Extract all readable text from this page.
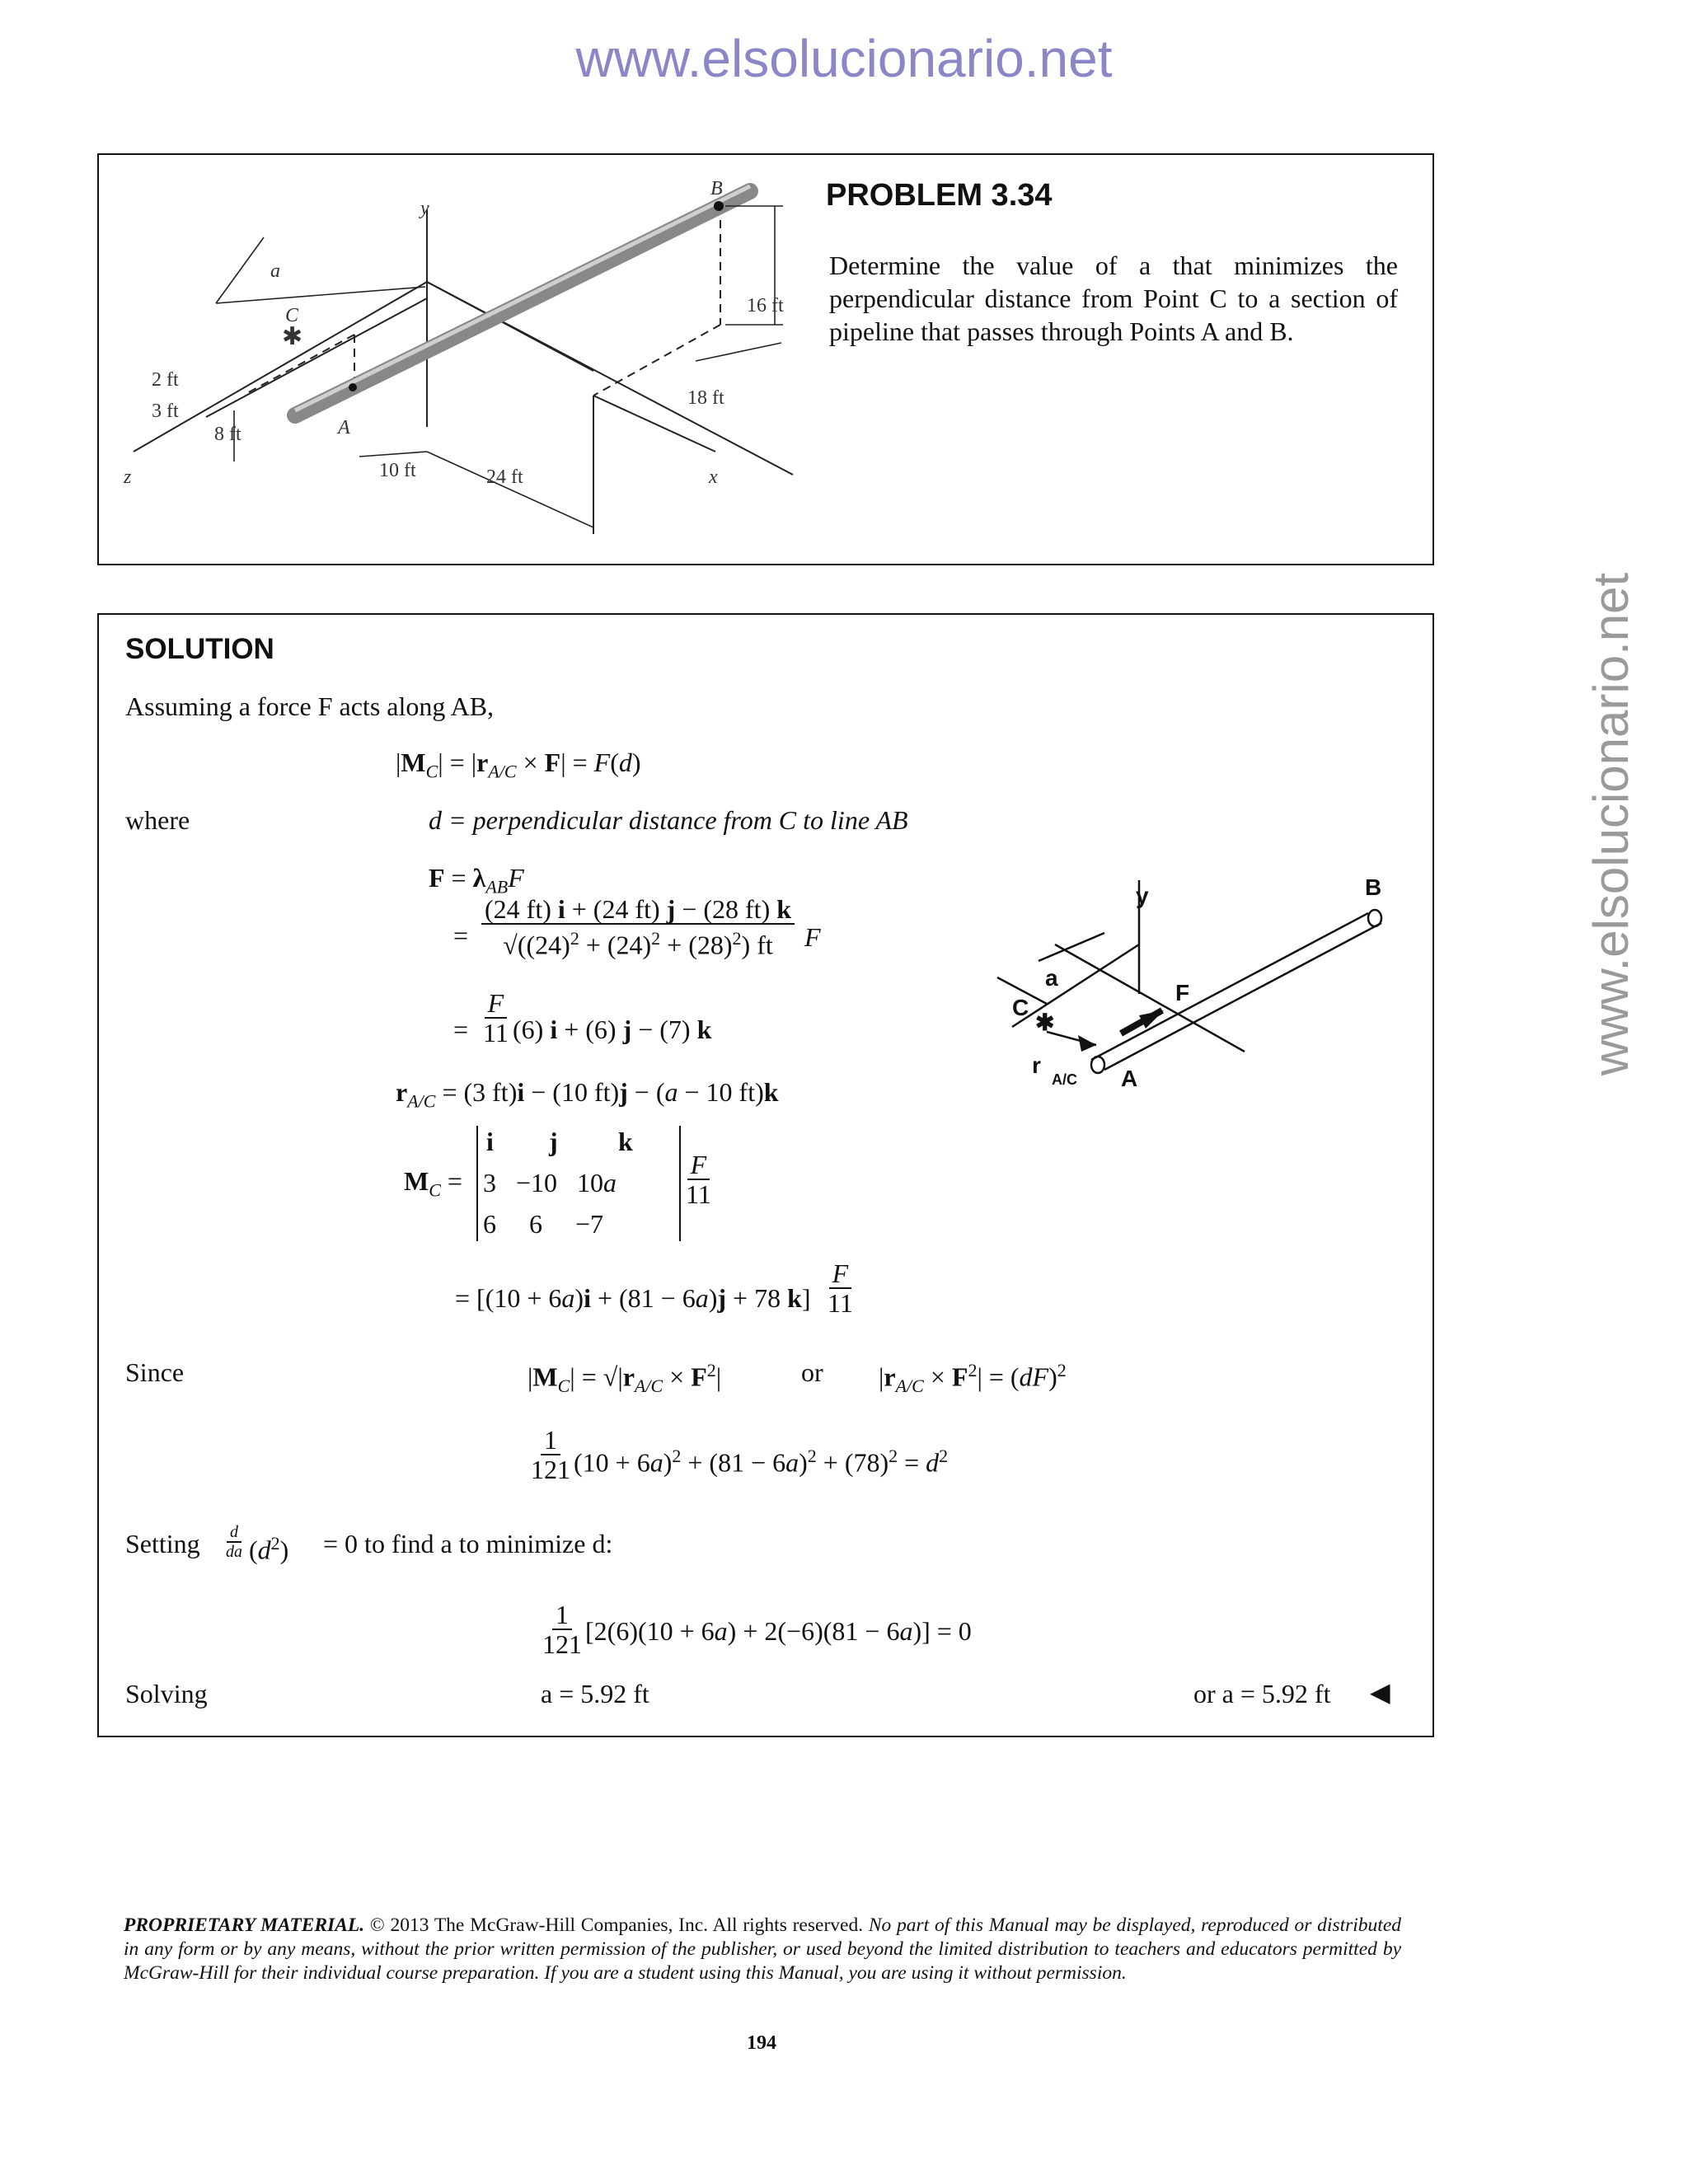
www.elsolucionario.net
www.elsolucionario.net
✱
y
z	x
A
B
C
a
16 ft
18 ft
2 ft
3 ft
8 ft
10 ft	24 ft
PROBLEM 3.34
Determine the value of a that minimizes the perpendicular distance from Point C to a section of pipeline that passes through Points A and B.
SOLUTION
Assuming a force F acts along AB,
$|M_C| = |r_{A/C} \times F| = F(d)$
where	d = perpendicular distance from C to line AB
$F = \lambda_{AB}F$
= $\frac{(24 ft) i + (24 ft) j - (28 ft) k}{√((24)^2 + (24)^2 + (28)^2) ft}$ F
= $\frac{F}{11} (6) i + (6) j - (7)$ k
$r_{A/C} = (3$ ft)i − (10 ft)j − (a − 10 ft)k
$M_C$ =
i j k
3   −10   10a
6     6     −7
$\frac{F}{11}$
= [(10 + 6a)i + (81 − 6a)j + 78 $k] \frac{F}{11}$
Since	$|M_C| = √|r_{A/C} \times F^2|$	or $|r_{A/C} \times F^2| = (dF)^2$
$\frac{1}{121} (10 + 6a)^2 + (81 - 6a)^2 + (78)^2 = d^2$
Setting $\frac{d}{da} (d^2) = 0$ to find a to minimize d:
$\frac{1}{121} [2(6)(10 + 6a) + 2(-6)(81 - 6a)] = 0$
Solving	a = 5.92 ft	or a = 5.92 ft ◀
y	B
F
C
a
A
r
A/C
✱
PROPRIETARY MATERIAL. © 2013 The McGraw-Hill Companies, Inc. All rights reserved. No part of this Manual may be displayed, reproduced or distributed in any form or by any means, without the prior written permission of the publisher, or used beyond the limited distribution to teachers and educators permitted by McGraw-Hill for their individual course preparation. If you are a student using this Manual, you are using it without permission.
194
